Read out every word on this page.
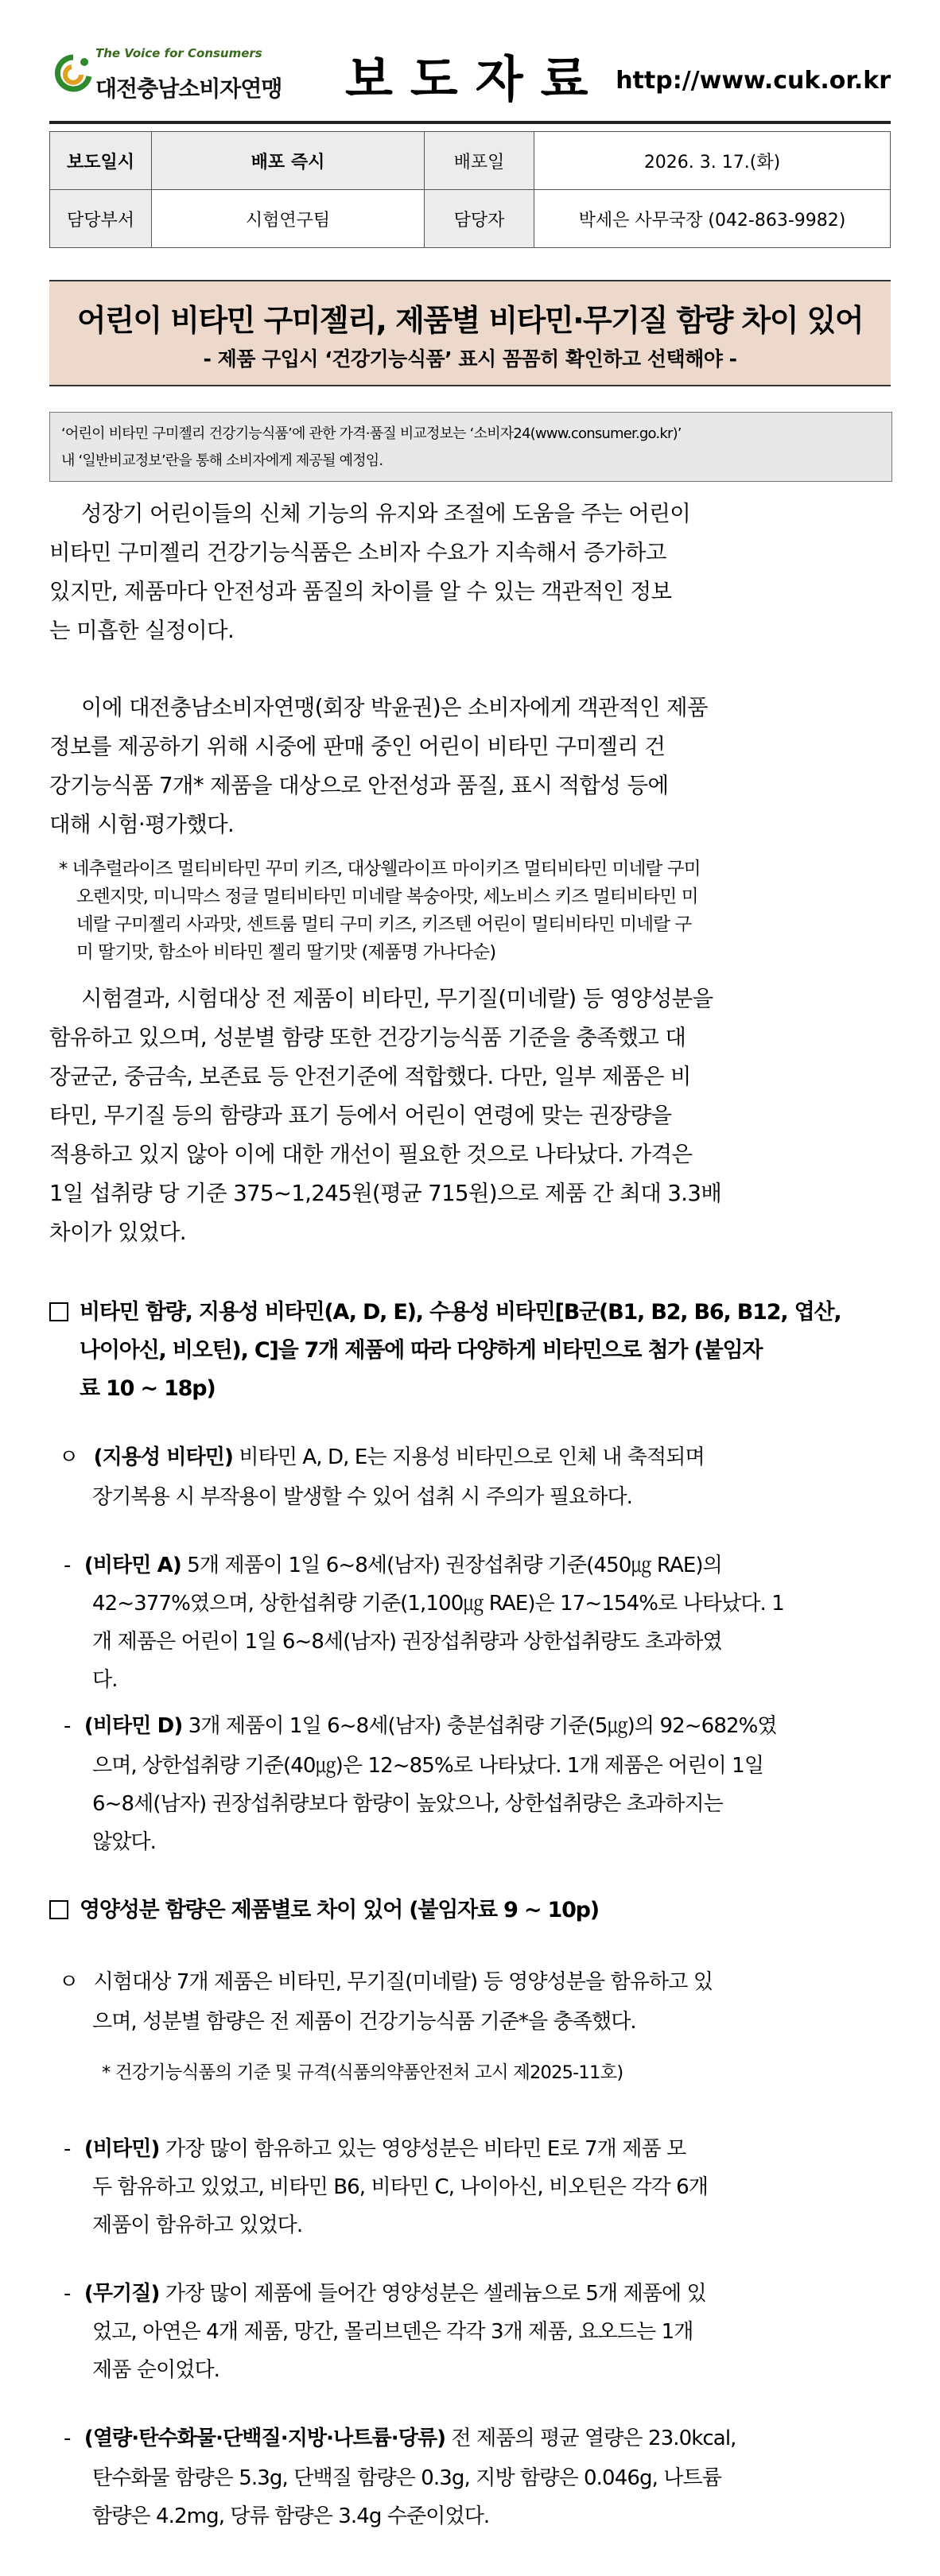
The Voice for Consumers
대전충남소비자연맹 보도자료 http://www.cuk.or.kr
보도일시	배포 즉시	배포일	2026. 3. 17.(화)
담당부서	시험연구팀	담당자	박세은 사무국장 (042-863-9982)
어린이 비타민 구미젤리, 제품별 비타민·무기질 함량 차이 있어
- 제품 구입시 ‘건강기능식품’ 표시 꼼꼼히 확인하고 선택해야 -

‘어린이 비타민 구미젤리 건강기능식품’에 관한 가격·품질 비교정보는 ‘소비자24(www.consumer.go.kr)’

내 ‘일반비교정보’란을 통해 소비자에게 제공될 예정임.

성장기 어린이들의 신체 기능의 유지와 조절에 도움을 주는 어린이
비타민 구미젤리 건강기능식품은 소비자 수요가 지속해서 증가하고
있지만, 제품마다 안전성과 품질의 차이를 알 수 있는 객관적인 정보
는 미흡한 실정이다.
이에 대전충남소비자연맹(회장 박윤권)은 소비자에게 객관적인 제품
정보를 제공하기 위해 시중에 판매 중인 어린이 비타민 구미젤리 건
강기능식품 7개* 제품을 대상으로 안전성과 품질, 표시 적합성 등에
대해 시험·평가했다.
* 네추럴라이즈 멀티비타민 꾸미 키즈, 대상웰라이프 마이키즈 멀티비타민 미네랄 구미
오렌지맛, 미니막스 정글 멀티비타민 미네랄 복숭아맛, 세노비스 키즈 멀티비타민 미
네랄 구미젤리 사과맛, 센트룸 멀티 구미 키즈, 키즈텐 어린이 멀티비타민 미네랄 구
미 딸기맛, 함소아 비타민 젤리 딸기맛 (제품명 가나다순)
시험결과, 시험대상 전 제품이 비타민, 무기질(미네랄) 등 영양성분을
함유하고 있으며, 성분별 함량 또한 건강기능식품 기준을 충족했고 대
장균군, 중금속, 보존료 등 안전기준에 적합했다. 다만, 일부 제품은 비
타민, 무기질 등의 함량과 표기 등에서 어린이 연령에 맞는 권장량을
적용하고 있지 않아 이에 대한 개선이 필요한 것으로 나타났다. 가격은
1일 섭취량 당 기준 375~1,245원(평균 715원)으로 제품 간 최대 3.3배
차이가 있었다.
비타민 함량, 지용성 비타민(A, D, E), 수용성 비타민[B군(B1, B2, B6, B12, 엽산,
나이아신, 비오틴), C]을 7개 제품에 따라 다양하게 비타민으로 첨가 (붙임자
료 10 ~ 18p)
ㅇ (지용성 비타민) 비타민 A, D, E는 지용성 비타민으로 인체 내 축적되며
장기복용 시 부작용이 발생할 수 있어 섭취 시 주의가 필요하다.
- (비타민 A) 5개 제품이 1일 6~8세(남자) 권장섭취량 기준(450㎍ RAE)의
42~377%였으며, 상한섭취량 기준(1,100㎍ RAE)은 17~154%로 나타났다. 1
개 제품은 어린이 1일 6~8세(남자) 권장섭취량과 상한섭취량도 초과하였
다.
- (비타민 D) 3개 제품이 1일 6~8세(남자) 충분섭취량 기준(5㎍)의 92~682%였
으며, 상한섭취량 기준(40㎍)은 12~85%로 나타났다. 1개 제품은 어린이 1일
6~8세(남자) 권장섭취량보다 함량이 높았으나, 상한섭취량은 초과하지는
않았다.
영양성분 함량은 제품별로 차이 있어 (붙임자료 9 ~ 10p)
ㅇ 시험대상 7개 제품은 비타민, 무기질(미네랄) 등 영양성분을 함유하고 있
으며, 성분별 함량은 전 제품이 건강기능식품 기준*을 충족했다.
* 건강기능식품의 기준 및 규격(식품의약품안전처 고시 제2025-11호)
- (비타민) 가장 많이 함유하고 있는 영양성분은 비타민 E로 7개 제품 모
두 함유하고 있었고, 비타민 B6, 비타민 C, 나이아신, 비오틴은 각각 6개
제품이 함유하고 있었다.
- (무기질) 가장 많이 제품에 들어간 영양성분은 셀레늄으로 5개 제품에 있
었고, 아연은 4개 제품, 망간, 몰리브덴은 각각 3개 제품, 요오드는 1개
제품 순이었다.
- (열량·탄수화물·단백질·지방·나트륨·당류) 전 제품의 평균 열량은 23.0kcal,
탄수화물 함량은 5.3g, 단백질 함량은 0.3g, 지방 함량은 0.046g, 나트륨
함량은 4.2mg, 당류 함량은 3.4g 수준이었다.
